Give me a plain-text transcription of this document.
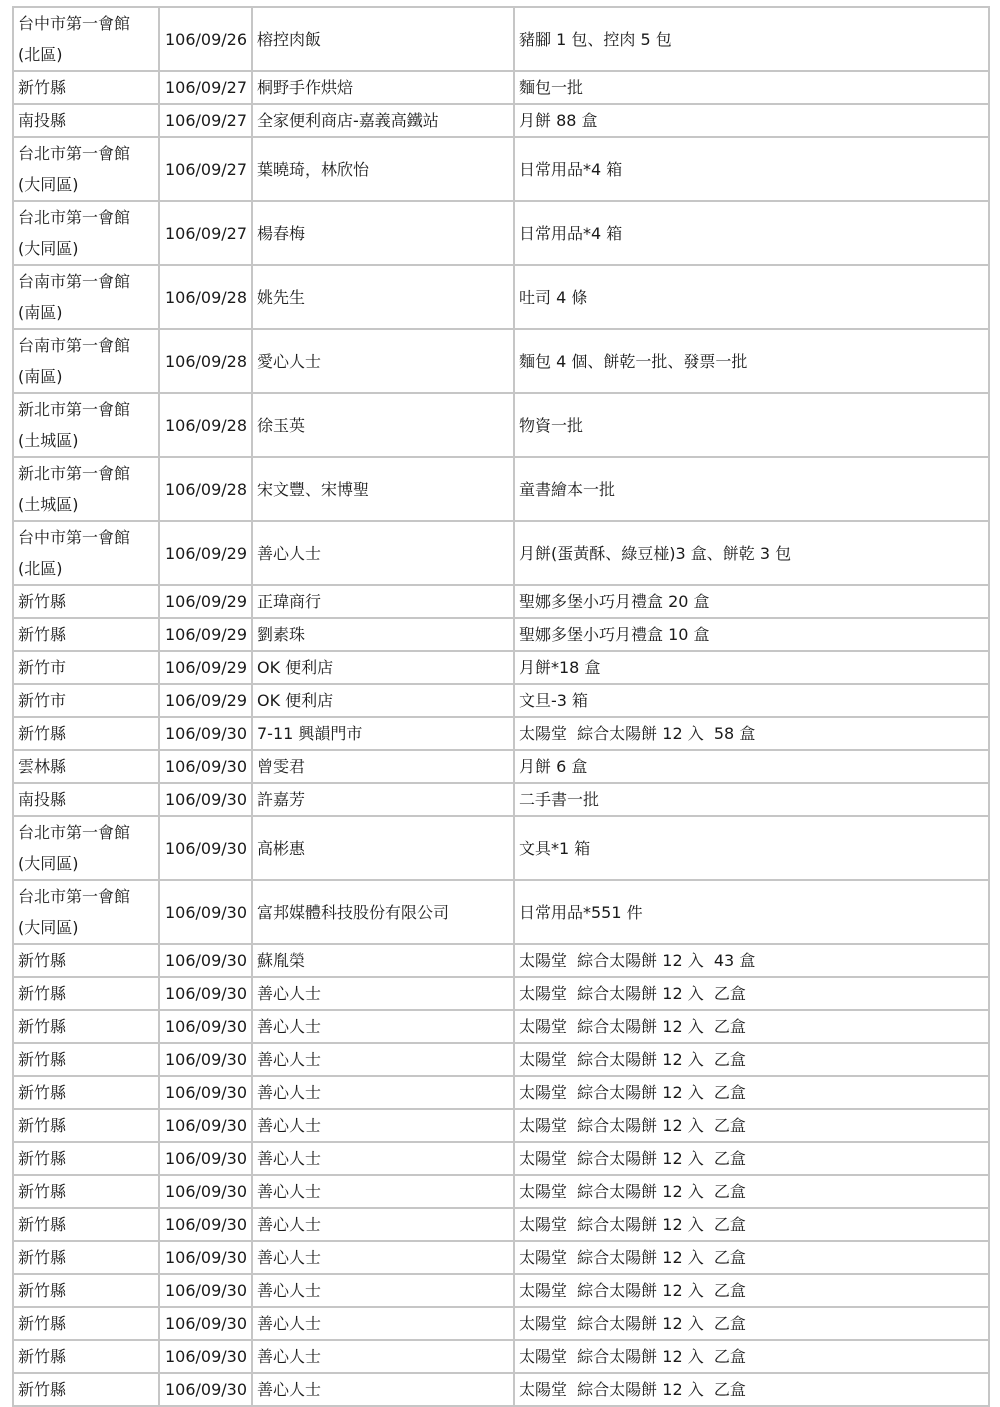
台中市第一會館
(北區)	106/09/26	榕控肉飯	豬腳 1 包、控肉 5 包

新竹縣	106/09/27	桐野手作烘焙	麵包一批

南投縣	106/09/27	全家便利商店-嘉義高鐵站	月餅 88 盒

台北市第一會館
(大同區)	106/09/27	葉曉琦，林欣怡	日常用品*4 箱

台北市第一會館
(大同區)	106/09/27	楊春梅	日常用品*4 箱

台南市第一會館
(南區)	106/09/28	姚先生	吐司 4 條

台南市第一會館
(南區)	106/09/28	愛心人士	麵包 4 個、餅乾一批、發票一批

新北市第一會館
(土城區)	106/09/28	徐玉英	物資一批

新北市第一會館
(土城區)	106/09/28	宋文豐、宋博聖	童書繪本一批

台中市第一會館
(北區)	106/09/29	善心人士	月餅(蛋黃酥、綠豆椪)3 盒、餅乾 3 包

新竹縣	106/09/29	正瑋商行	聖娜多堡小巧月禮盒 20 盒

新竹縣	106/09/29	劉素珠	聖娜多堡小巧月禮盒 10 盒

新竹市	106/09/29	OK 便利店	月餅*18 盒

新竹市	106/09/29	OK 便利店	文旦-3 箱

新竹縣	106/09/30	7-11 興韻門市	太陽堂  綜合太陽餅 12 入  58 盒

雲林縣	106/09/30	曾雯君	月餅 6 盒

南投縣	106/09/30	許嘉芳	二手書一批

台北市第一會館
(大同區)	106/09/30	高彬惠	文具*1 箱

台北市第一會館
(大同區)	106/09/30	富邦媒體科技股份有限公司	日常用品*551 件

新竹縣	106/09/30	蘇胤榮	太陽堂  綜合太陽餅 12 入  43 盒

新竹縣	106/09/30	善心人士	太陽堂  綜合太陽餅 12 入  乙盒

新竹縣	106/09/30	善心人士	太陽堂  綜合太陽餅 12 入  乙盒

新竹縣	106/09/30	善心人士	太陽堂  綜合太陽餅 12 入  乙盒

新竹縣	106/09/30	善心人士	太陽堂  綜合太陽餅 12 入  乙盒

新竹縣	106/09/30	善心人士	太陽堂  綜合太陽餅 12 入  乙盒

新竹縣	106/09/30	善心人士	太陽堂  綜合太陽餅 12 入  乙盒

新竹縣	106/09/30	善心人士	太陽堂  綜合太陽餅 12 入  乙盒

新竹縣	106/09/30	善心人士	太陽堂  綜合太陽餅 12 入  乙盒

新竹縣	106/09/30	善心人士	太陽堂  綜合太陽餅 12 入  乙盒

新竹縣	106/09/30	善心人士	太陽堂  綜合太陽餅 12 入  乙盒

新竹縣	106/09/30	善心人士	太陽堂  綜合太陽餅 12 入  乙盒

新竹縣	106/09/30	善心人士	太陽堂  綜合太陽餅 12 入  乙盒

新竹縣	106/09/30	善心人士	太陽堂  綜合太陽餅 12 入  乙盒
